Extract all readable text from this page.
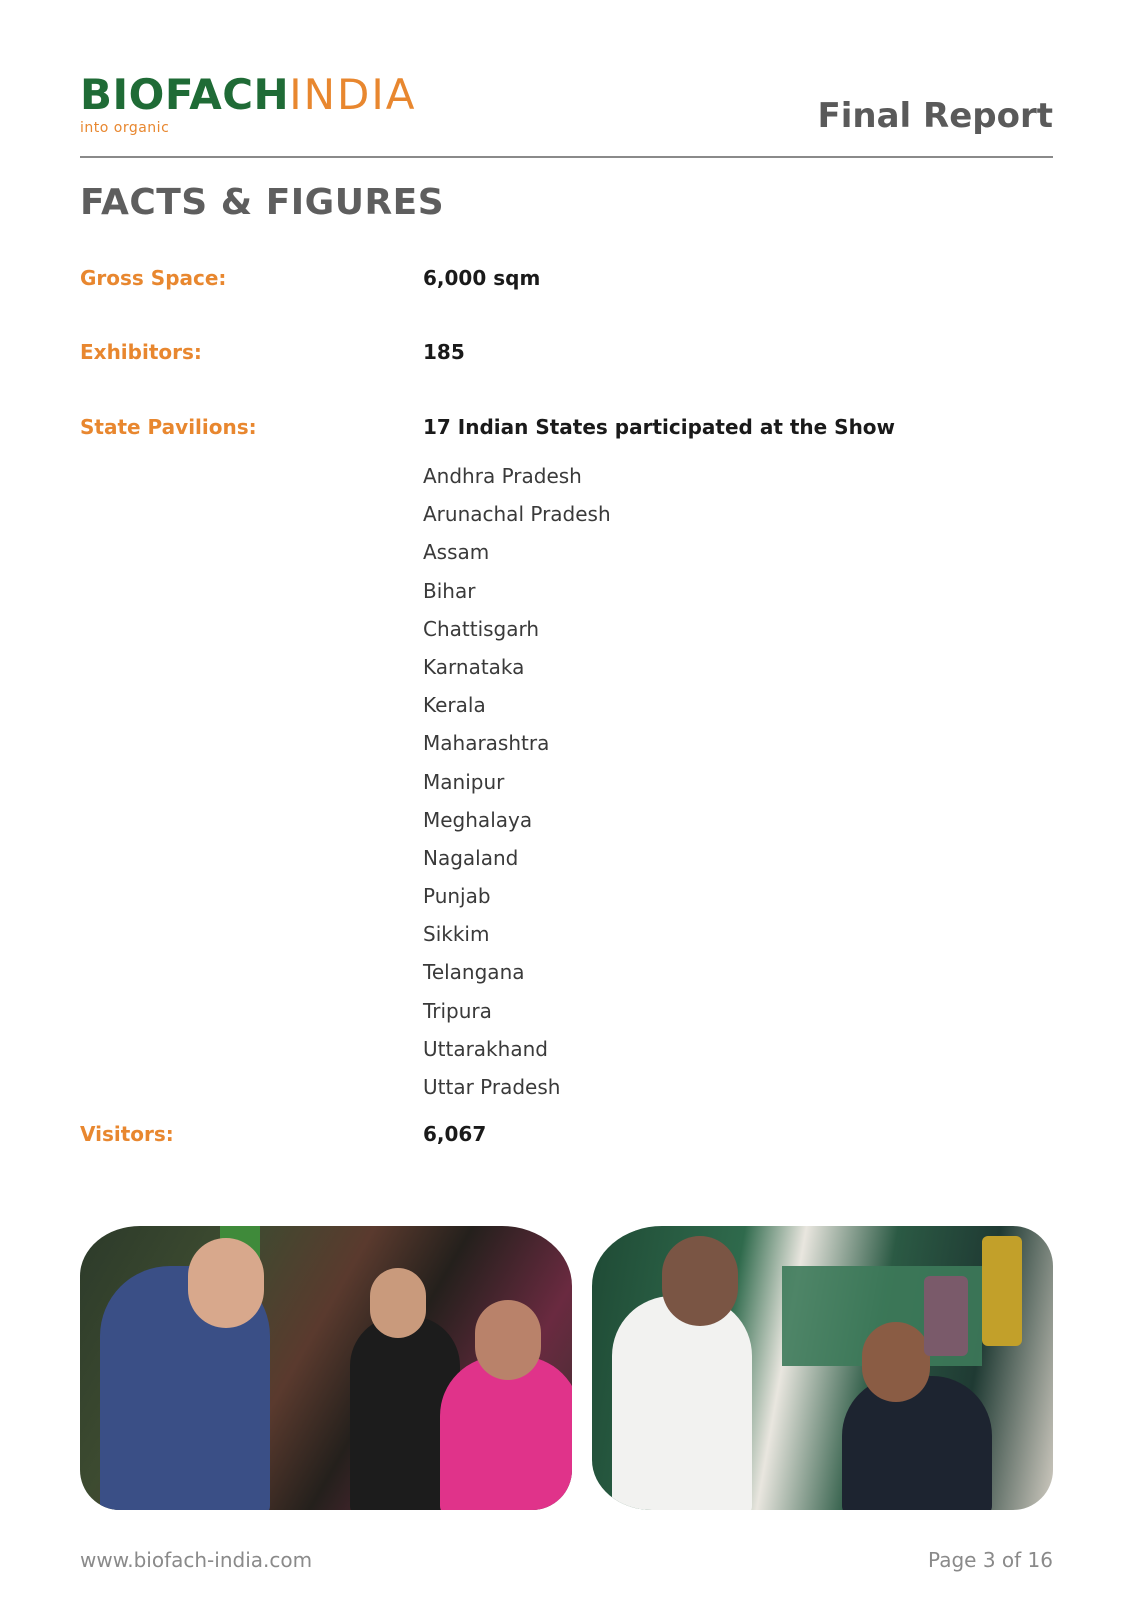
BIOFACHINDIA
into organic	Final Report
FACTS & FIGURES
Gross Space:	6,000 sqm
Exhibitors:	185
State Pavilions:	17 Indian States participated at the Show
Andhra Pradesh
Arunachal Pradesh
Assam
Bihar
Chattisgarh
Karnataka
Kerala
Maharashtra
Manipur
Meghalaya
Nagaland
Punjab
Sikkim
Telangana
Tripura
Uttarakhand
Uttar Pradesh
Visitors:	6,067
www.biofach-india.com	Page 3 of 16
